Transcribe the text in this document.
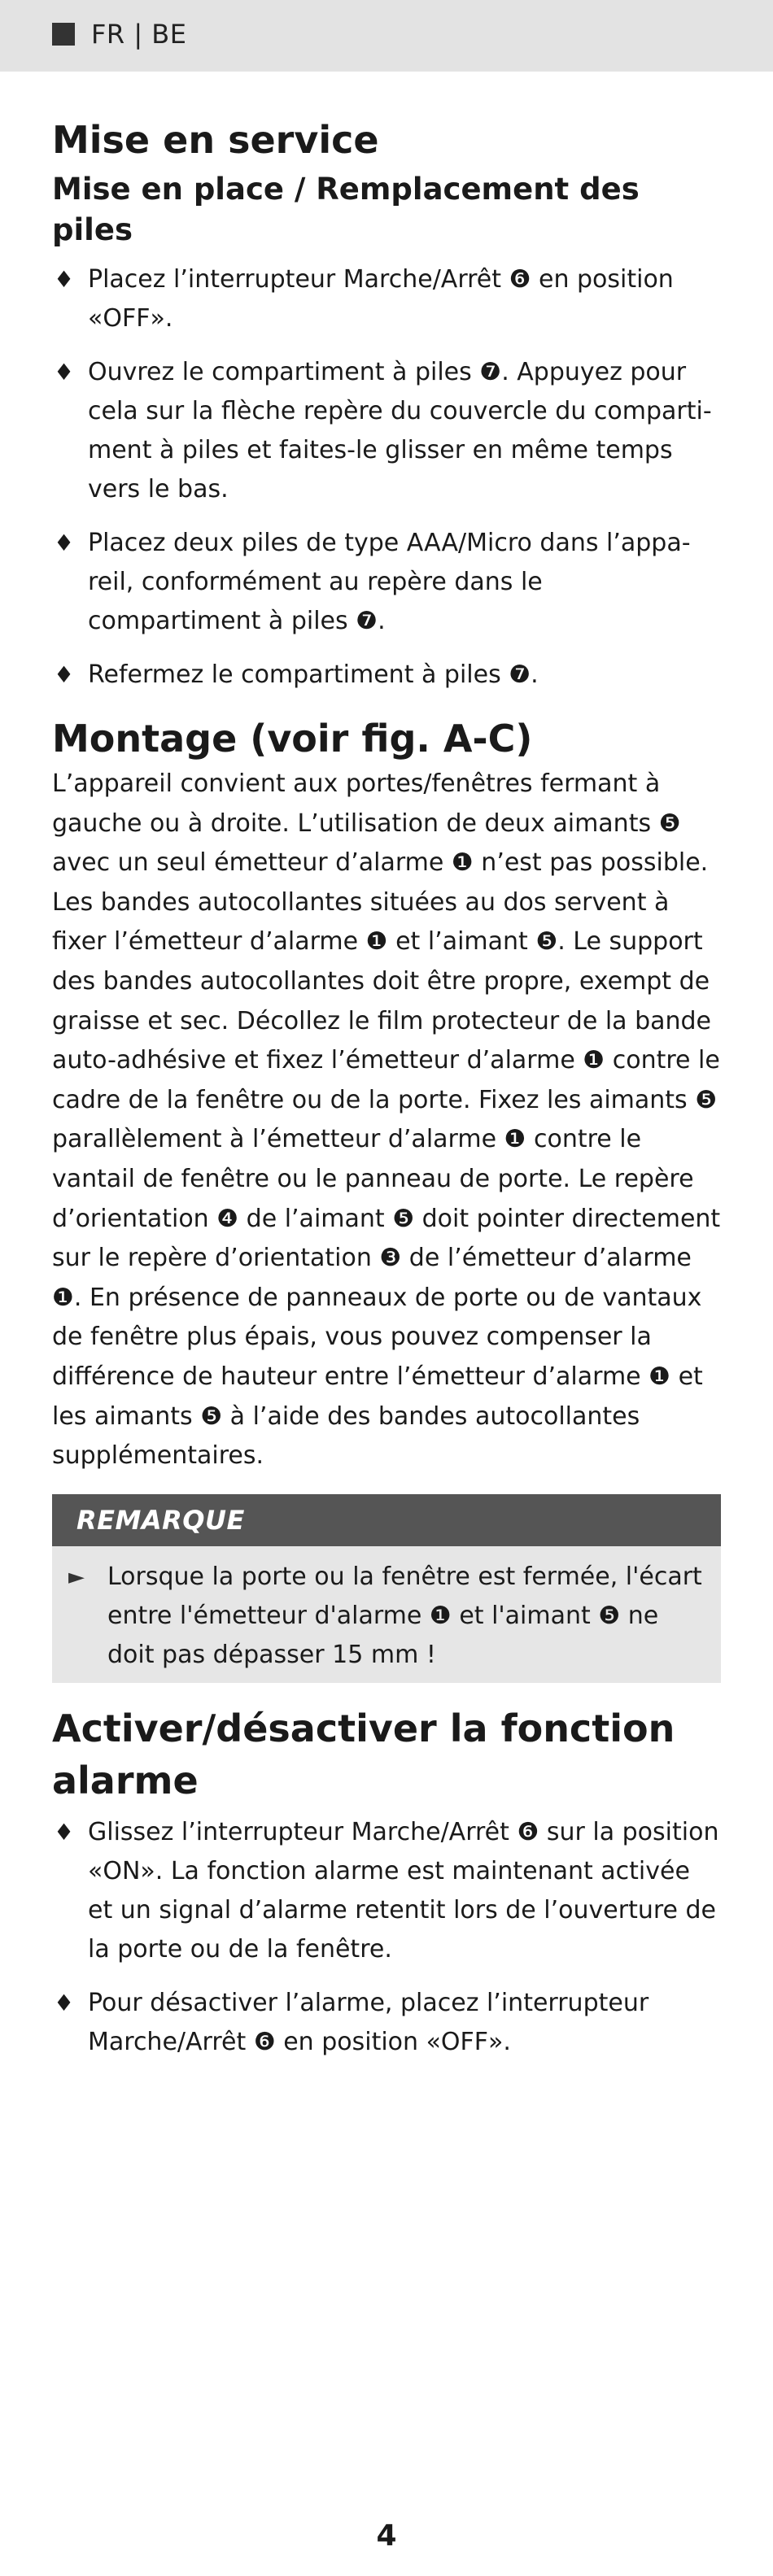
FR | BE
Mise en service
Mise en place / Remplacement des piles
♦ Placez l’interrupteur Marche/Arrêt ❻ en position «OFF».
♦ Ouvrez le compartiment à piles ❼. Appuyez pour cela sur la flèche repère du couvercle du compartiment à piles et faites-le glisser en même temps vers le bas.
♦ Placez deux piles de type AAA/Micro dans l’appareil, conformément au repère dans le compartiment à piles ❼.
♦ Refermez le compartiment à piles ❼.
Montage (voir fig. A-C)

L’appareil convient aux portes/fenêtres fermant à gauche ou à droite. L’utilisation de deux aimants ❺ avec un seul émetteur d’alarme ❶ n’est pas possible. Les bandes autocollantes situées au dos servent à fixer l’émetteur d’alarme ❶ et l’aimant ❺. Le support des bandes autocollantes doit être propre, exempt de graisse et sec. Décollez le film protecteur de la bande auto-adhésive et fixez l’émetteur d’alarme ❶ contre le cadre de la fenêtre ou de la porte. Fixez les aimants ❺ parallèlement à l’émetteur d’alarme ❶ contre le vantail de fenêtre ou le panneau de porte. Le repère d’orientation ❹ de l’aimant ❺ doit pointer directement sur le repère d’orientation ❸ de l’émetteur d’alarme ❶. En présence de panneaux de porte ou de vantaux de fenêtre plus épais, vous pouvez compenser la différence de hauteur entre l’émetteur d’alarme ❶ et les aimants ❺ à l’aide des bandes autocollantes supplémentaires.

REMARQUE
► Lorsque la porte ou la fenêtre est fermée, l'écart entre l'émetteur d'alarme ❶ et l'aimant ❺ ne doit pas dépasser 15 mm !
Activer/désactiver la fonction alarme
♦ Glissez l’interrupteur Marche/Arrêt ❻ sur la position «ON». La fonction alarme est maintenant activée et un signal d’alarme retentit lors de l’ouverture de la porte ou de la fenêtre.
♦ Pour désactiver l’alarme, placez l’interrupteur Marche/Arrêt ❻ en position «OFF».
4
